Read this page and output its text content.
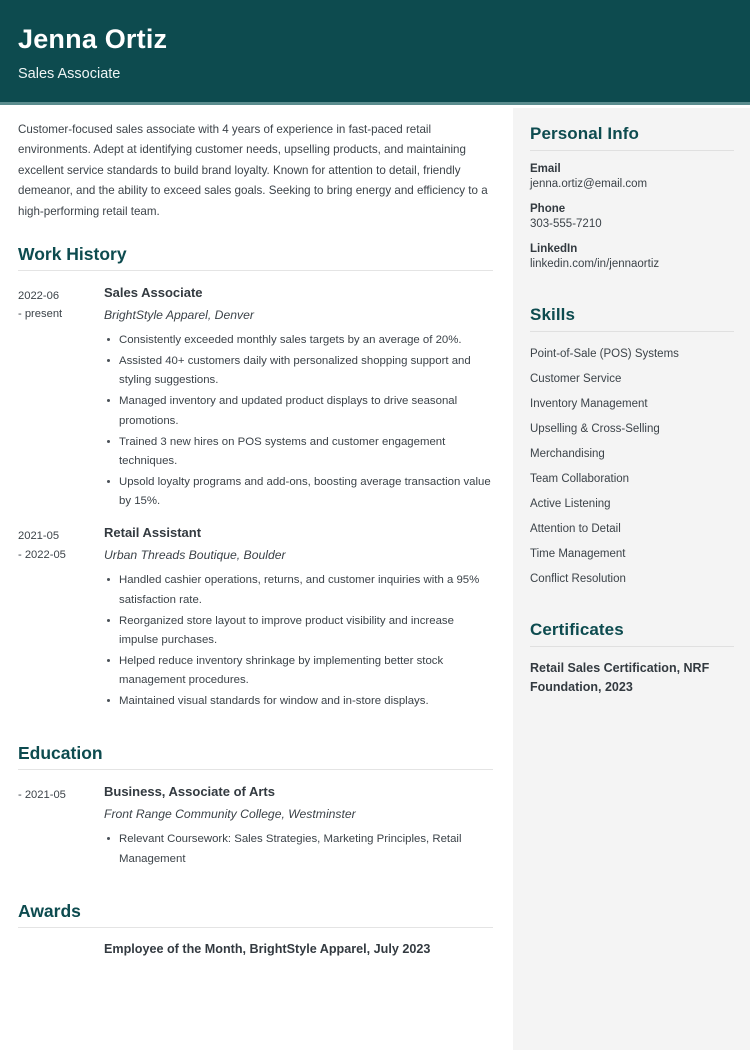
Jenna Ortiz
Sales Associate
Customer-focused sales associate with 4 years of experience in fast-paced retail environments. Adept at identifying customer needs, upselling products, and maintaining excellent service standards to build brand loyalty. Known for attention to detail, friendly demeanor, and the ability to exceed sales goals. Seeking to bring energy and efficiency to a high-performing retail team.
Work History
2022-06
- present
Sales Associate
BrightStyle Apparel, Denver
Consistently exceeded monthly sales targets by an average of 20%.
Assisted 40+ customers daily with personalized shopping support and styling suggestions.
Managed inventory and updated product displays to drive seasonal promotions.
Trained 3 new hires on POS systems and customer engagement techniques.
Upsold loyalty programs and add-ons, boosting average transaction value by 15%.
2021-05
- 2022-05
Retail Assistant
Urban Threads Boutique, Boulder
Handled cashier operations, returns, and customer inquiries with a 95% satisfaction rate.
Reorganized store layout to improve product visibility and increase impulse purchases.
Helped reduce inventory shrinkage by implementing better stock management procedures.
Maintained visual standards for window and in-store displays.
Education
- 2021-05	Business, Associate of Arts
Front Range Community College, Westminster
Relevant Coursework: Sales Strategies, Marketing Principles, Retail Management
Awards
Employee of the Month, BrightStyle Apparel, July 2023
Personal Info
Email
jenna.ortiz@email.com
Phone
303-555-7210
LinkedIn
linkedin.com/in/jennaortiz
Skills
Point-of-Sale (POS) Systems
Customer Service
Inventory Management
Upselling & Cross-Selling
Merchandising
Team Collaboration
Active Listening
Attention to Detail
Time Management
Conflict Resolution
Certificates
Retail Sales Certification, NRF Foundation, 2023
